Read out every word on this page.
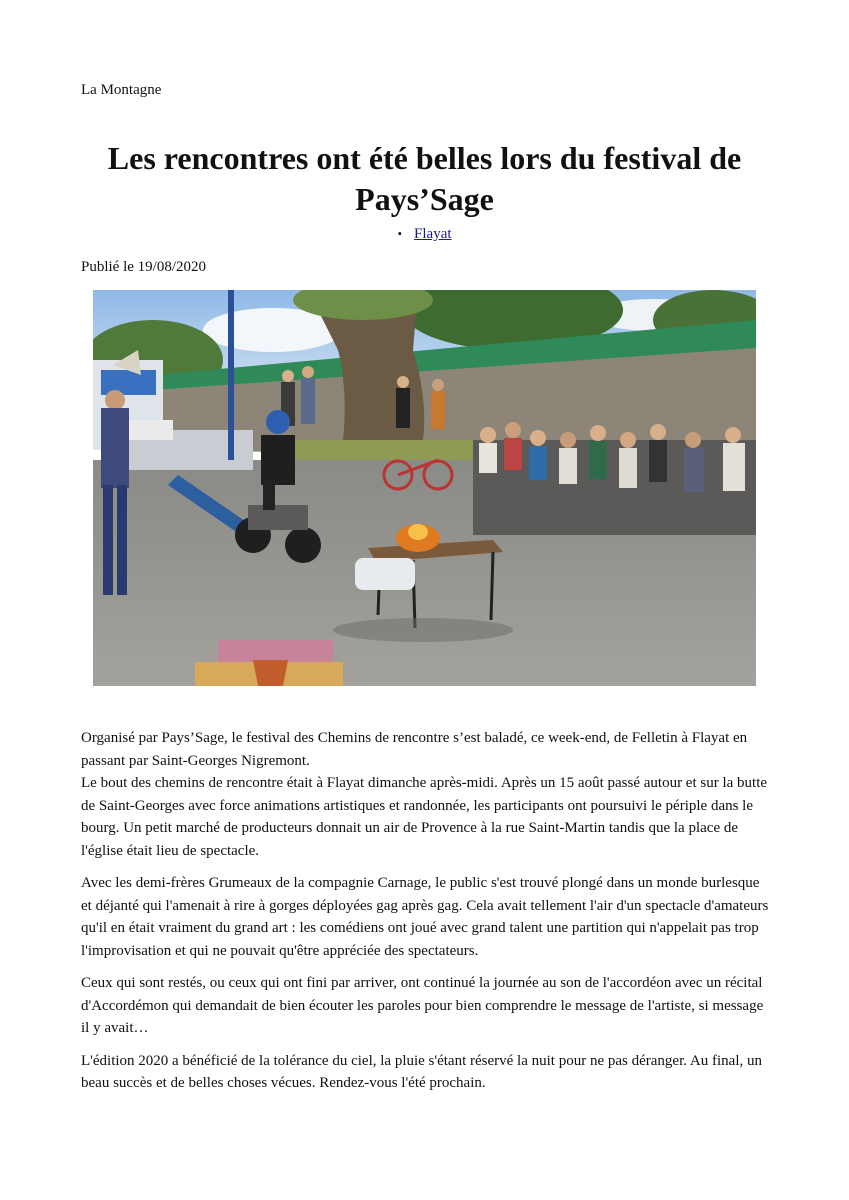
La Montagne
Les rencontres ont été belles lors du festival de Pays’Sage
• Flayat
Publié le 19/08/2020

Organisé par Pays’Sage, le festival des Chemins de rencontre s’est baladé, ce week-end, de Felletin à Flayat en passant par Saint-Georges Nigremont.

Le bout des chemins de rencontre était à Flayat dimanche après-midi. Après un 15 août passé autour et sur la butte de Saint-Georges avec force animations artistiques et randonnée, les participants ont poursuivi le périple dans le bourg. Un petit marché de producteurs donnait un air de Provence à la rue Saint-Martin tandis que la place de l'église était lieu de spectacle.

Avec les demi-frères Grumeaux de la compagnie Carnage, le public s'est trouvé plongé dans un monde burlesque et déjanté qui l'amenait à rire à gorges déployées gag après gag. Cela avait tellement l'air d'un spectacle d'amateurs qu'il en était vraiment du grand art : les comédiens ont joué avec grand talent une partition qui n'appelait pas trop l'improvisation et qui ne pouvait qu'être appréciée des spectateurs.

Ceux qui sont restés, ou ceux qui ont fini par arriver, ont continué la journée au son de l'accordéon avec un récital d'Accordémon qui demandait de bien écouter les paroles pour bien comprendre le message de l'artiste, si message il y avait…

L'édition 2020 a bénéficié de la tolérance du ciel, la pluie s'étant réservé la nuit pour ne pas déranger. Au final, un beau succès et de belles choses vécues. Rendez-vous l'été prochain.
